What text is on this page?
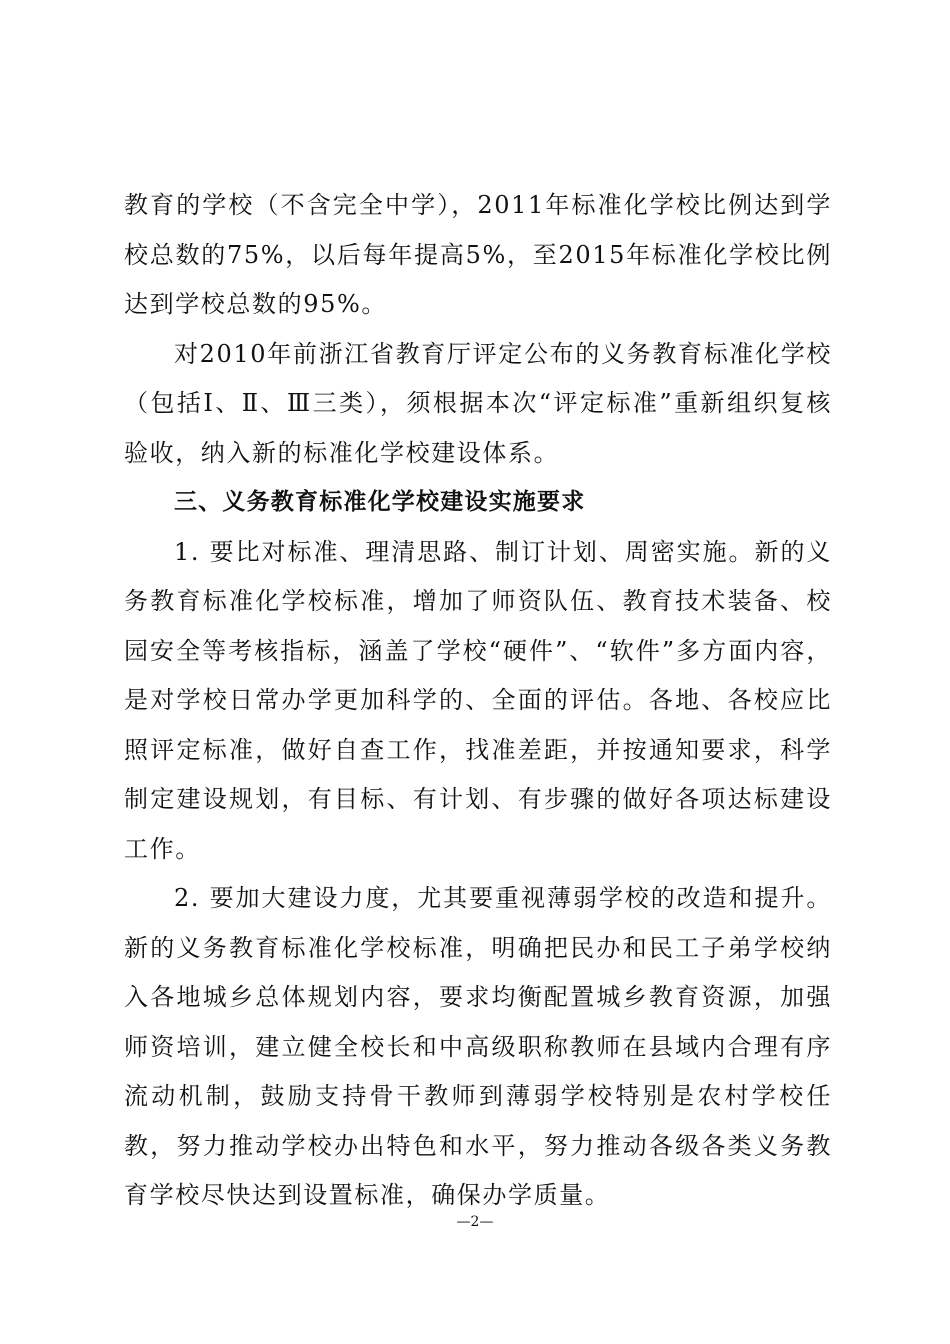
教育的学校（不含完全中学），2011年标准化学校比例达到学校总数的75%，以后每年提高5%，至2015年标准化学校比例达到学校总数的95%。

对2010年前浙江省教育厅评定公布的义务教育标准化学校（包括Ⅰ、Ⅱ、Ⅲ三类），须根据本次“评定标准”重新组织复核验收，纳入新的标准化学校建设体系。

三、义务教育标准化学校建设实施要求

1. 要比对标准、理清思路、制订计划、周密实施。新的义务教育标准化学校标准，增加了师资队伍、教育技术装备、校园安全等考核指标，涵盖了学校“硬件”、“软件”多方面内容，是对学校日常办学更加科学的、全面的评估。各地、各校应比照评定标准，做好自查工作，找准差距，并按通知要求，科学制定建设规划，有目标、有计划、有步骤的做好各项达标建设工作。

2. 要加大建设力度，尤其要重视薄弱学校的改造和提升。新的义务教育标准化学校标准，明确把民办和民工子弟学校纳入各地城乡总体规划内容，要求均衡配置城乡教育资源，加强师资培训，建立健全校长和中高级职称教师在县域内合理有序流动机制，鼓励支持骨干教师到薄弱学校特别是农村学校任教，努力推动学校办出特色和水平，努力推动各级各类义务教育学校尽快达到设置标准，确保办学质量。

—2—
